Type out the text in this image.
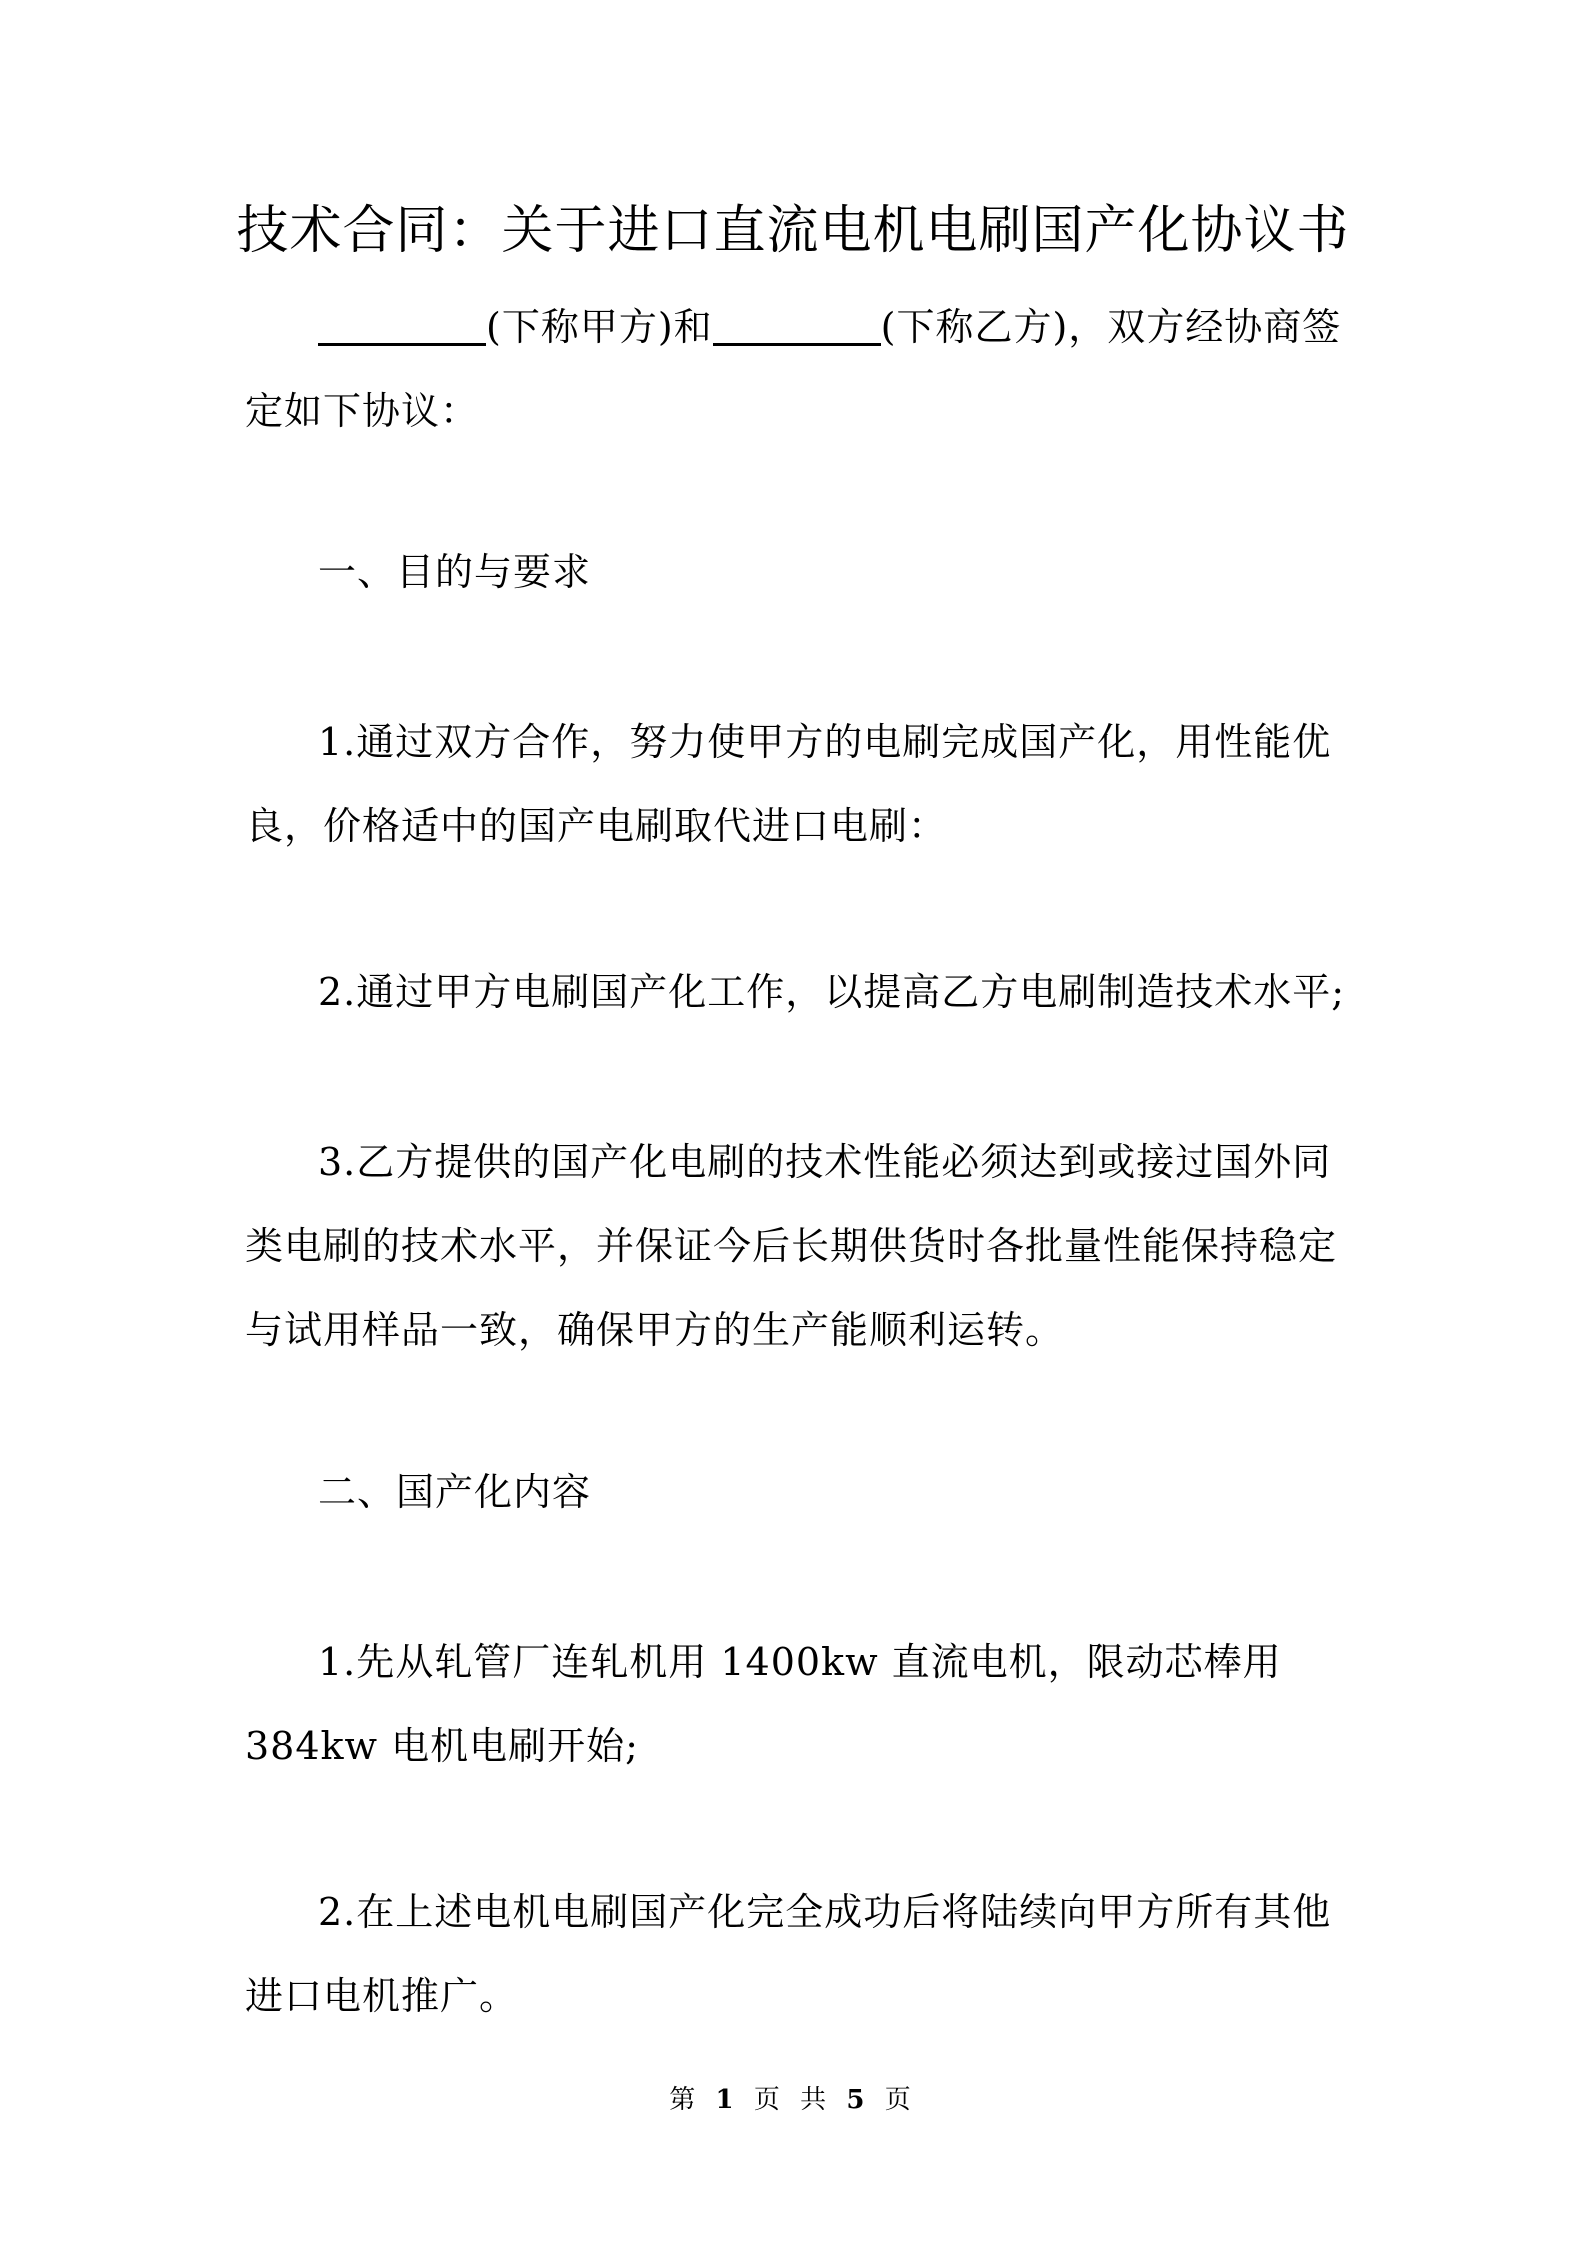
技术合同：关于进口直流电机电刷国产化协议书
(下称甲方)和	(下称乙方)，双方经协商签定如下协议：
一、目的与要求
1.通过双方合作，努力使甲方的电刷完成国产化，用性能优良，价格适中的国产电刷取代进口电刷：
2.通过甲方电刷国产化工作，以提高乙方电刷制造技术水平;
3.乙方提供的国产化电刷的技术性能必须达到或接过国外同类电刷的技术水平，并保证今后长期供货时各批量性能保持稳定与试用样品一致，确保甲方的生产能顺利运转。
二、国产化内容
1.先从轧管厂连轧机用 1400kw 直流电机，限动芯棒用 384kw 电机电刷开始;
2.在上述电机电刷国产化完全成功后将陆续向甲方所有其他进口电机推广。
第 1 页 共 5 页
